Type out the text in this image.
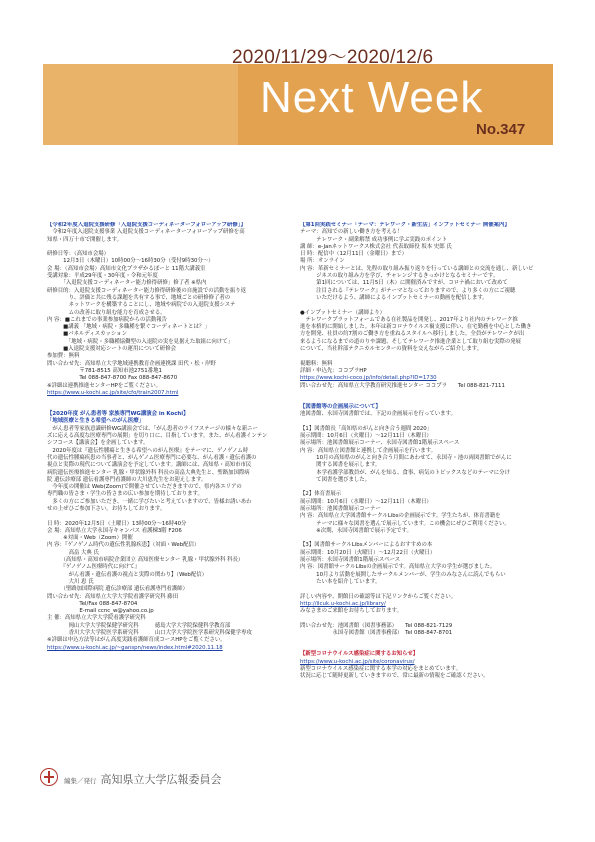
2020/11/29～2020/12/6
Next Week
No.347

【令和2年度入退院支援研修「入退院支援コーディネーターフォローアップ研修」】

　令和2年度入退院支援事業 入退院支援コーディネーターフォローアップ研修を高

知県・四万十市で開催します。

研修日等：（高知市会場）

　　　12月3日（木曜日）10時00分～16時30分（受付9時30分～）

会 場：（高知市会場）高知市文化プラザかるぽーと 11階大講義室

受講対象：平成29年度・30年度・令和元年度

　　　「入退院支援コーディネーター能力修得研修」修了者 ※県内

研修目的：入退院支援コーディネーター能力修得研修後の自施設での活動を振り返

　　　　り、評価と共に残る課題を共有する事で、地域ごとの研修修了者の

　　　　ネットワークを構築することにし、地域や病院での入退院支援システ

　　　　ムの改善に取り組む能力を育成させる。

内 容：■これまでの事業参加病院からの活動報告

　　　■講義 「地域・病院・多職種を繋ぐコーディネートとは？」

　　　■パネルディスカッション

　　　　「地域・病院・多職種協働型の入退院の実を見据えた取組に向けて」

　　　■入退院支援対応シートの運用について研修会

参加費：無料

問い合わせ先：高知県立大学地域連携教育企画連携課 田代・松・岸野

　　　　　　〒781-8515 高知市池2751番地1

　　　　　　Tel 088-847-8700 Fax 088-847-8670

※詳細は連携推進センターHPをご覧ください。

https://www.u-kochi.ac.jp/site/cfo/train2007.html

【2020年度 がん患者等 家族専門WG講演会 in Kochi】

「地域医療と生きる希望へのがん医療」

　がん患者等家族意識研修WG講演会では、「がん患者のライフステージの様々な新ニー

ズに応える高度な医療専門の展開」を切り口に、目指しています。また、がん看護インテン

シフコース【講演会】を企画しています。

　2020年度は『遺伝性腫瘍と生きる希望へのがん医療』をテーマに、ゲノゲノム時

代の遺伝性腫瘍疾患の当事者と、がんゲノム医療専門に必要な、がん看護・遺伝看護の

視点と実際の現代について講演会を予定しています。講師には、高知県・高知市市民

病院遺伝医療推進センター 乳腺・甲状腺外科 科長の高畠大典先生と、聖路加国際病

院 遺伝診療部 遺伝看護専門看護師の大川恵先生をお迎えします。

　今年度の開催は Web(Zoom)で開催させていただきますので、県内各エリアの

専門職の皆さま・学生の皆さまの広い参加を期待しております。

　多くの方にご参加いただき、一緒に学びたいと考えていますので、皆様お誘いあわ

せの上ぜひご参加下さい。お待ちしております。

日 時：2020年12月5日（土曜日）13時00分～16時40分

会 場：高知県立大学永国寺キャンパス 看護棟3階 F206

　　　※対面・Web（Zoom）開催

内 容：『ゲノゲノム時代の遺伝性乳腺疾患】（対面・Web配信）

　　　　高畠 大典 氏

　　　（高知県・高知市病院企業団立 高知医療センター 乳腺・甲状腺外科 科長）

　　　『ゲノゲノム医療時代に向けて』

　　　　がん看護・遺伝看護の視点と実際の関わり】（Web配信）

　　　　大川 恵 氏

　　　（聖路加国際病院 遺伝診療部 遺伝看護専門看護師）

問い合わせ先：高知県立大学大学院看護学研究科 藤田

　　　　　　Tel/Fax 088-847-8704

　　　　　　E-mail ccnc_w@yahoo.co.jp

主 催：高知県立大学大学院看護学研究科

　　　　岡山大学大学院保健学研究科　　　徳島大学大学院保健科学教育部

　　　　香川大学大学院医学系研究科　　　山口大学大学院医学系研究科保健学専攻

※詳細は申込方法等はがん高度実践看護師育成コースHPをご覧ください。

https://www.u-kochi.ac.jp/~ganspn/news/index.html#2020.11.18

【第1回実践セミナー「テーマ：テレワーク・新生活」インプットセミナー 開催案内】

テーマ：高知での新しい働き方を考える！

　　　テレワーク・副業解禁 成功事例に学ぶ実践のポイント

講 師：e-Janネットワークス株式会社 代表取締役 坂本 史郎 氏

日 時：配信中（12月11日（金曜日）まで）

場 所：オンライン

内 容：革新セミナーとは、先程の取り組み振り返りを行っている講師との交流を通し、新しいビ

　　　ジネスの取り組み方を学び、チャレンジするきっかけとなるセミナーです。

　　　第1回については、11月5日（木）に開催済みですが、コロナ禍において改めて

　　　注目される『テレワーク』がテーマとなっておりますので、より多くの方にご視聴

　　　いただけるよう、講師によるインプットセミナーの動画を配信します。

●インプットセミナー（講師より）

　テレワークプラットフォームである在社製品を開発し、2017年より社内のテレワーク推

進を本格的に開始しました。本年は新コロナウイルス禍支援に伴い、在宅勤務を中心とした働き

方を開発、社員の約7割のご働き方を重ねるスタイルへ移行しました。全員がテレワークが出

来るようになるまでの道のりや課題、そしてテレワーク推進企業として取り組む実際の発展

について、当社幹部テクニカルセンターの資料を交えながらご紹介します。

視聴料：無料

詳細・申込先：ココプラHP

https://www.kochi-coco.jp/info/detail.php?ID=1730

問い合わせ先：高知県立大学教育研究推進センター ココプラ　　Tel 088-821-7111

【図書館等の企画展示について】

池図書館、永国寺図書館では、下記の企画展示を行っています。

【1】図書館長「高知県のがんと向き合う週間 2020」

展示期間：10月6日（火曜日）～12月11日（木曜日）

展示場所：池図書館展示コーナー、永国寺図書館1階展示スペース

内 容：高知県立図書館と連携して企画展示を行います。

　　　10月の高知県のがんと向き合う月間にあわせて、永国寺・池の両図書館でがんに

　　　関する図書を展示します。

　　　本学看護学部教員が、がんを知る、食事、病気のトピックスなどのテーマに分け

　　　て図書を選びました。

【2】体育書展示

展示期間：10月6日（水曜日）～12月11日（木曜日）

展示場所：池図書館展示コーナー

内 容：高知県立大学図書館サークルLibsの企画展示です。学生たちが、体育書籍を

　　　テーマに様々な図書を選んで展示しています。この機会にぜひご利用ください。

　　　※次期、永国寺図書館で展示予定です。

【3】図書館サークルLibsメンバーによるおすすめの本

展示期間：10月20日（火曜日）～12月22日（火曜日）

展示場所：永国寺図書館1階展示スペース

内 容：図書館サークルLibsの企画展示です。高知県立大学の学生が選びました。

　　　10月より活動を展開したサークルメンバーが、学生のみなさんに読んでもらい

　　　たい本を紹介しています。

詳しい内容や、開館日の確認等は下記リンクからご覧ください。

http://ilcuk.u-kochi.ac.jp/library/

みなさまのご来館をお待ちしております。

問い合わせ先：池図書館（図書事務部）　　Tel 088-821-7129

　　　　　　永国寺図書館（図書事務部）　Tel 088-847-8701

【新型コロナウイルス感染症に関するお知らせ】

https://www.u-kochi.ac.jp/site/coronavirus/

新型コロナウイルス感染症に関する本学の対応をまとめています。

状況に応じて随時更新していきますので、常に最新の情報をご確認ください。

編集／発行 高知県立大学広報委員会
